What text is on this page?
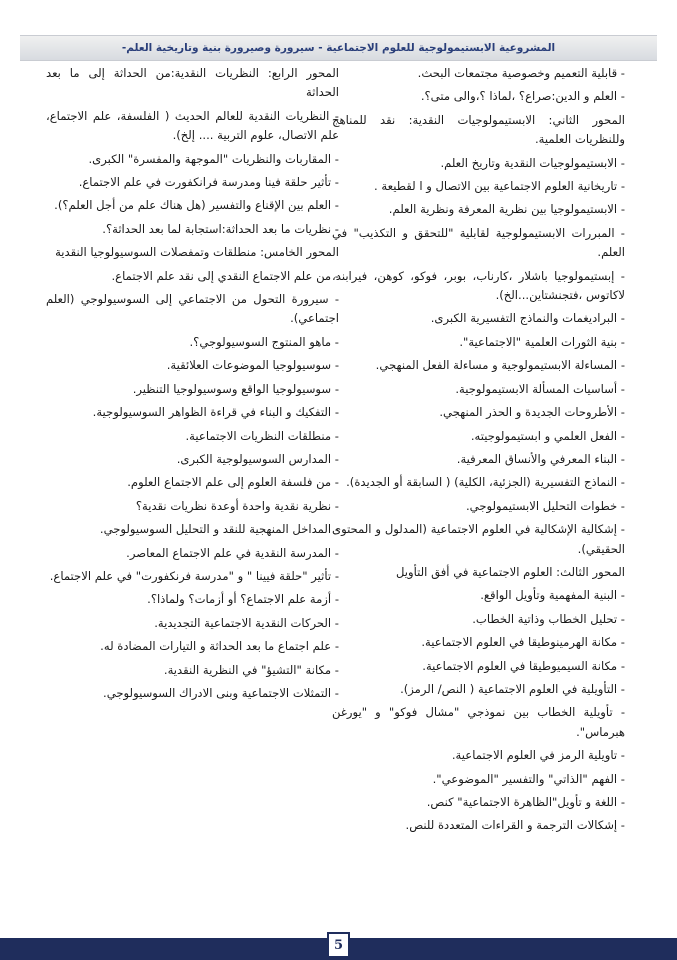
المشروعية الابستيمولوجية للعلوم الاجتماعية - سيرورة وصيرورة بنية وتاريخية العلم-
- قابلية التعميم وخصوصية مجتمعات البحث.
- العلم و الدين:صراع؟ ،لماذا ؟،والى متى؟.
المحور الثاني: الابستيمولوجيات النقدية: نقد للمناهج وللنظريات العلمية.
- الابستيمولوجيات النقدية وتاريخ العلم.
- تاريخانية العلوم الاجتماعية بين الاتصال و ا لقطيعة .
- الابستيمولوجيا بين نظرية المعرفة ونظرية العلم.
- المبررات الابستيمولوجية لقابلية "للتحقق و التكذيب" في العلم.
- إبستيمولوجيا باشلار ،كارناب، بوبر، فوكو، كوهن، فيرابند، لاكاتوس ،فتجنشتاين...الخ).
- البراديغمات والنماذج التفسيرية الكبرى.
- بنية الثورات العلمية "الاجتماعية".
- المساءلة الابستيمولوجية و مساءلة الفعل المنهجي.
- أساسيات المسألة الابستيمولوجية.
- الأطروحات الجديدة و الحذر المنهجي.
- الفعل العلمي و ابستيمولوجيته.
- البناء المعرفي والأنساق المعرفية.
- النماذج التفسيرية (الجزئية، الكلية) ( السابقة أو الجديدة).
- خطوات التحليل الابستيمولوجي.
- إشكالية الإشكالية في العلوم الاجتماعية (المدلول و المحتوى الحقيقي).
المحور الثالث: العلوم الاجتماعية في أفق التأويل
- البنية المفهمية وتأويل الواقع.
- تحليل الخطاب وذاتية الخطاب.
- مكانة الهرمينوطيقا في العلوم الاجتماعية.
- مكانة السيميوطيقا في العلوم الاجتماعية.
- التأويلية في العلوم الاجتماعية ( النص/ الرمز).
- تأويلية الخطاب بين نموذجي "مشال فوكو" و "يورغن هبرماس".
- تاويلية الرمز في العلوم الاجتماعية.
- الفهم "الذاتي" والتفسير "الموضوعي".
- اللغة و تأويل"الظاهرة الاجتماعية" كنص.
- إشكالات الترجمة و القراءات المتعددة للنص.
المحور الرابع: النظريات النقدية:من الحداثة إلى ما بعد الحداثة
- النظريات النقدية للعالم الحديث ( الفلسفة، علم الاجتماع، علم الاتصال، علوم التربية .... إلخ).
- المقاربات والنظريات "الموجهة والمفسرة" الكبرى.
- تأثير حلقة فينا ومدرسة فرانكفورت في علم الاجتماع.
- العلم بين الإقناع والتفسير (هل هناك علم من أجل العلم؟).
- نظريات ما بعد الحداثة:استجابة لما بعد الحداثة؟.
المحور الخامس: منطلقات وتمفصلات السوسيولوجيا النقدية
- من علم الاجتماع النقدي إلى نقد علم الاجتماع.
- سيرورة التحول من الاجتماعي إلى السوسيولوجي (العلم اجتماعي).
- ماهو المنتوج السوسيولوجي؟.
- سوسيولوجيا الموضوعات العلائقية.
- سوسيولوجيا الواقع وسوسيولوجيا التنظير.
- التفكيك و البناء في قراءة الظواهر السوسيولوجية.
- منطلقات النظريات الاجتماعية.
- المدارس السوسيولوجية الكبرى.
- من فلسفة العلوم إلى علم الاجتماع العلوم.
- نظرية نقدية واحدة أوعدة نظريات نقدية؟
- المداخل المنهجية للنقد و التحليل السوسيولوجي.
- المدرسة النقدية في علم الاجتماع المعاصر.
- تأثير "حلقة فيينا " و "مدرسة فرنكفورت" في علم الاجتماع.
- أزمة علم الاجتماع؟ أو أزمات؟ ولماذا؟.
- الحركات النقدية الاجتماعية التجديدية.
- علم اجتماع ما بعد الحداثة و التيارات المضادة له.
- مكانة "التشيؤ" في النظرية النقدية.
- التمثلات الاجتماعية وبنى الادراك السوسيولوجي.
5
